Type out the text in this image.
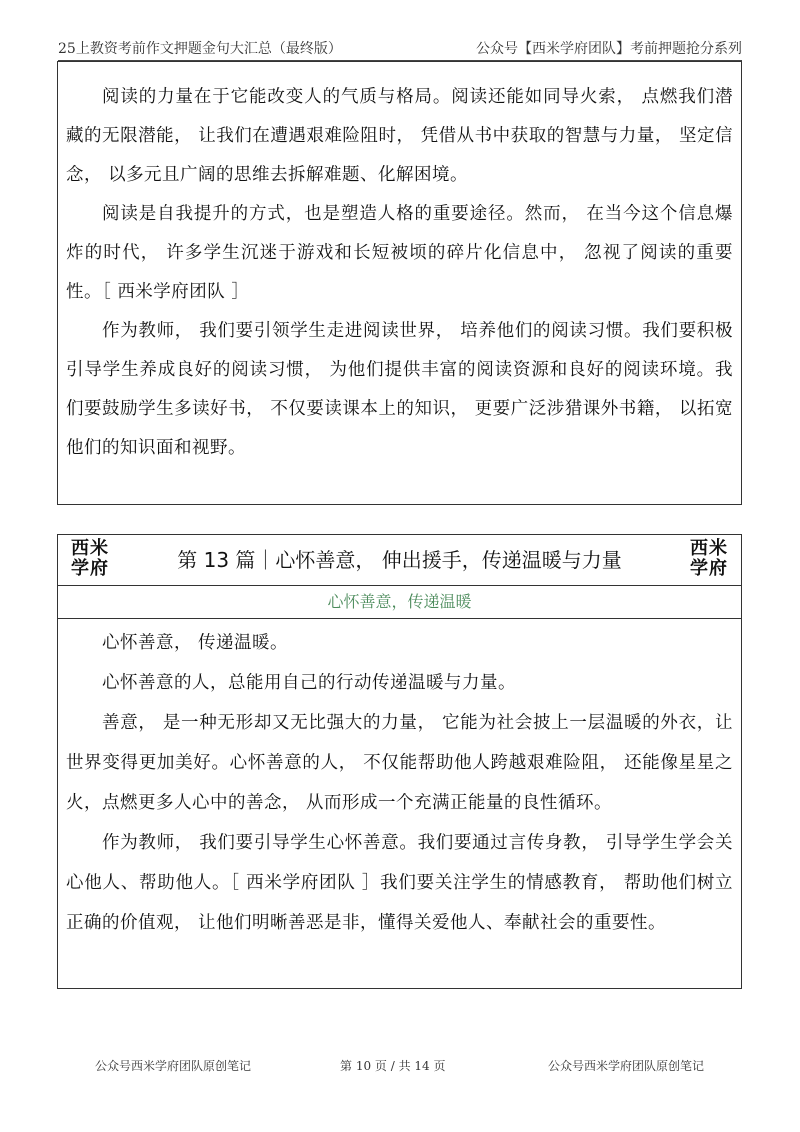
25上教资考前作文押题金句大汇总（最终版）	公众号【西米学府团队】考前押题抢分系列

阅读的力量在于它能改变人的气质与格局。阅读还能如同导火索， 点燃我们潜藏的无限潜能， 让我们在遭遇艰难险阻时， 凭借从书中获取的智慧与力量， 坚定信念， 以多元且广阔的思维去拆解难题、化解困境。

阅读是自我提升的方式，也是塑造人格的重要途径。然而， 在当今这个信息爆炸的时代， 许多学生沉迷于游戏和长短被顷的碎片化信息中， 忽视了阅读的重要性。［ 西米学府团队 ］

作为教师， 我们要引领学生走进阅读世界， 培养他们的阅读习惯。我们要积极引导学生养成良好的阅读习惯， 为他们提供丰富的阅读资源和良好的阅读环境。我们要鼓励学生多读好书， 不仅要读课本上的知识， 更要广泛涉猎课外书籍， 以拓宽他们的知识面和视野。

西米
学府	第 13 篇｜心怀善意， 伸出援手，传递温暖与力量	西米
学府
心怀善意，传递温暖

心怀善意， 传递温暖。

心怀善意的人，总能用自己的行动传递温暖与力量。

善意， 是一种无形却又无比强大的力量， 它能为社会披上一层温暖的外衣，让世界变得更加美好。心怀善意的人， 不仅能帮助他人跨越艰难险阻， 还能像星星之火，点燃更多人心中的善念， 从而形成一个充满正能量的良性循环。

作为教师， 我们要引导学生心怀善意。我们要通过言传身教， 引导学生学会关心他人、帮助他人。［ 西米学府团队 ］我们要关注学生的情感教育， 帮助他们树立正确的价值观， 让他们明晰善恶是非，懂得关爱他人、奉献社会的重要性。

公众号西米学府团队原创笔记	第 10 页 / 共 14 页	公众号西米学府团队原创笔记
